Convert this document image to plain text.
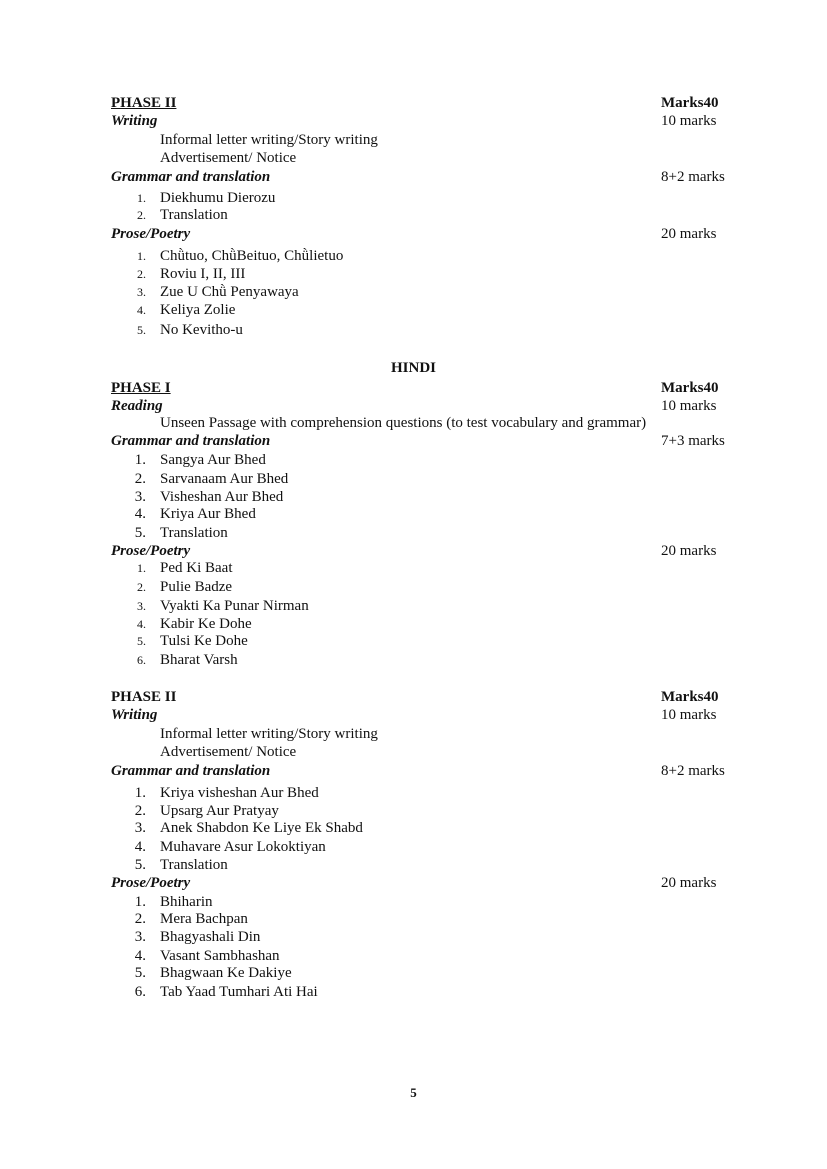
PHASE II	Marks40
Writing	10 marks
Informal letter writing/Story writing
Advertisement/ Notice
Grammar and translation	8+2 marks
1. Diekhumu Dierozu
2. Translation
Prose/Poetry	20 marks
1. Chǜtuo, ChǜBeituo, Chǜlietuo
2. Roviu I, II, III
3. Zue U Chǜ Penyawaya
4. Keliya Zolie
5. No Kevitho-u
HINDI
PHASE I	Marks40
Reading	10 marks
Unseen Passage with comprehension questions (to test vocabulary and grammar)
Grammar and translation	7+3 marks
1. Sangya Aur Bhed
2. Sarvanaam Aur Bhed
3. Visheshan Aur Bhed
4. Kriya Aur Bhed
5. Translation
Prose/Poetry	20 marks
1. Ped Ki Baat
2. Pulie Badze
3. Vyakti Ka Punar Nirman
4. Kabir Ke Dohe
5. Tulsi Ke Dohe
6. Bharat Varsh
PHASE II	Marks40
Writing	10 marks
Informal letter writing/Story writing
Advertisement/ Notice
Grammar and translation	8+2 marks
1. Kriya visheshan Aur Bhed
2. Upsarg Aur Pratyay
3. Anek Shabdon Ke Liye Ek Shabd
4. Muhavare Asur Lokoktiyan
5. Translation
Prose/Poetry	20 marks
1. Bhiharin
2. Mera Bachpan
3. Bhagyashali Din
4. Vasant Sambhashan
5. Bhagwaan Ke Dakiye
6. Tab Yaad Tumhari Ati Hai
5
